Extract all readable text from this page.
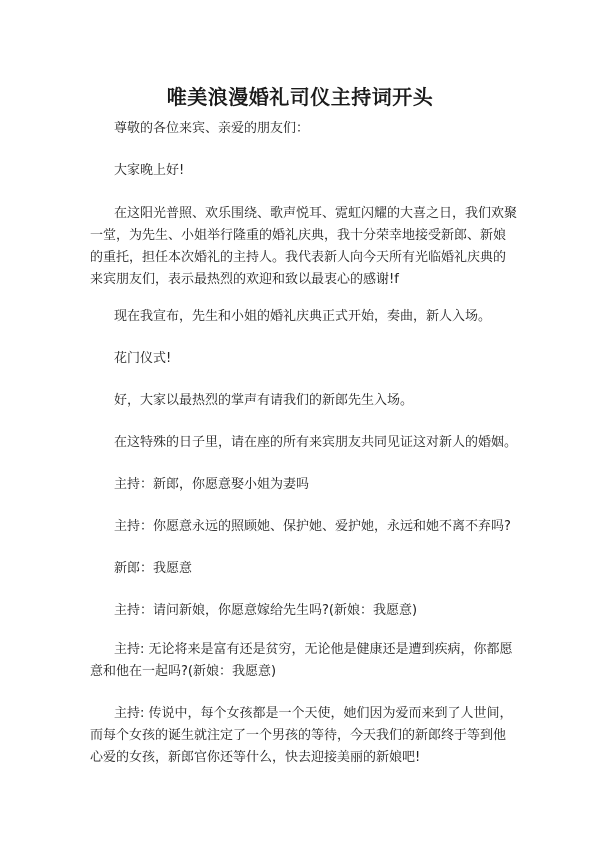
唯美浪漫婚礼司仪主持词开头

尊敬的各位来宾、亲爱的朋友们：

大家晚上好!

在这阳光普照、欢乐围绕、歌声悦耳、霓虹闪耀的大喜之日，我们欢聚一堂，为先生、小姐举行隆重的婚礼庆典，我十分荣幸地接受新郎、新娘的重托，担任本次婚礼的主持人。我代表新人向今天所有光临婚礼庆典的来宾朋友们，表示最热烈的欢迎和致以最衷心的感谢!f

现在我宣布，先生和小姐的婚礼庆典正式开始，奏曲，新人入场。

花门仪式!

好，大家以最热烈的掌声有请我们的新郎先生入场。

在这特殊的日子里，请在座的所有来宾朋友共同见证这对新人的婚姻。

主持：新郎，你愿意娶小姐为妻吗

主持：你愿意永远的照顾她、保护她、爱护她，永远和她不离不弃吗?

新郎：我愿意

主持：请问新娘，你愿意嫁给先生吗?(新娘：我愿意)

主持: 无论将来是富有还是贫穷，无论他是健康还是遭到疾病，你都愿意和他在一起吗?(新娘：我愿意)

主持: 传说中，每个女孩都是一个天使，她们因为爱而来到了人世间，而每个女孩的诞生就注定了一个男孩的等待，今天我们的新郎终于等到他心爱的女孩，新郎官你还等什么，快去迎接美丽的新娘吧!
